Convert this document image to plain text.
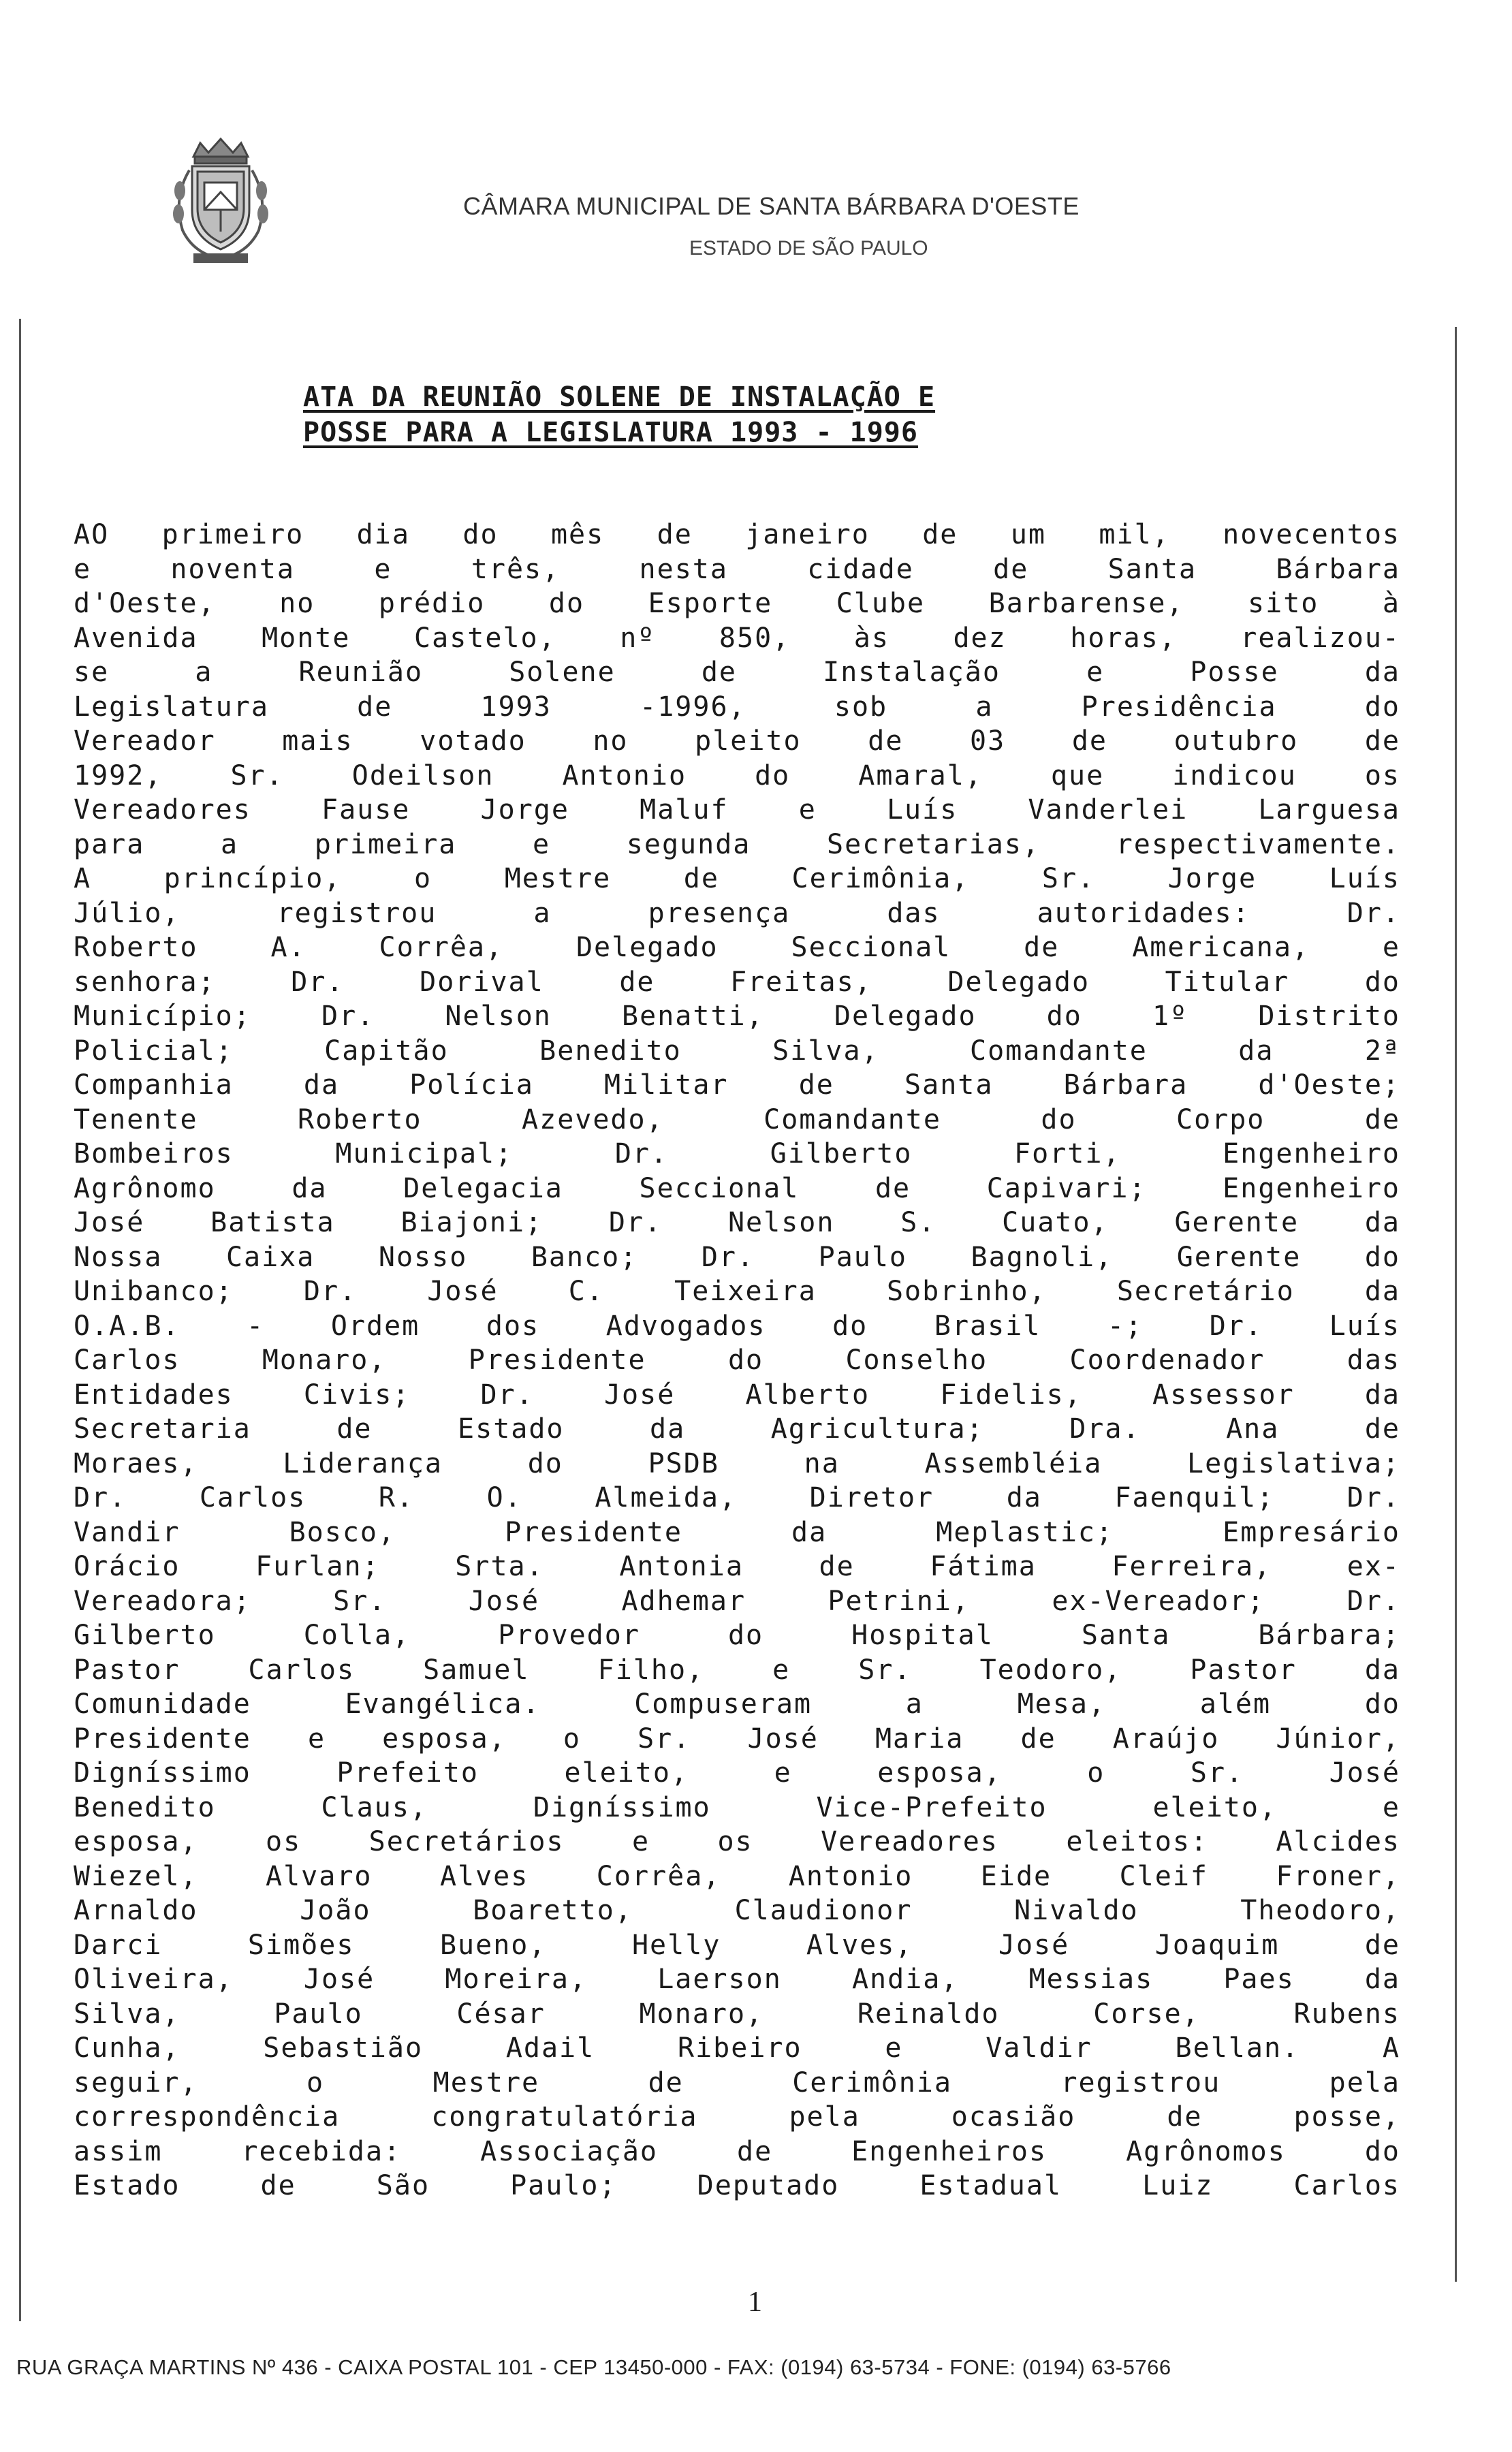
CÂMARA MUNICIPAL DE SANTA BÁRBARA D'OESTE
ESTADO DE SÃO PAULO
ATA DA REUNIÃO SOLENE DE INSTALAÇÃO E
POSSE PARA A LEGISLATURA 1993 - 1996
AO primeiro dia do mês de janeiro de um mil, novecentos
e noventa e três, nesta cidade de Santa Bárbara
d'Oeste, no prédio do Esporte Clube Barbarense, sito à
Avenida Monte Castelo, nº 850, às dez horas, realizou-
se a Reunião Solene de Instalação e Posse da
Legislatura de 1993 -1996, sob a Presidência do
Vereador mais votado no pleito de 03 de outubro de
1992, Sr. Odeilson Antonio do Amaral, que indicou os
Vereadores Fause Jorge Maluf e Luís Vanderlei Larguesa
para a primeira e segunda Secretarias, respectivamente.
A princípio, o Mestre de Cerimônia, Sr. Jorge Luís
Júlio, registrou a presença das autoridades: Dr.
Roberto A. Corrêa, Delegado Seccional de Americana, e
senhora; Dr. Dorival de Freitas, Delegado Titular do
Município; Dr. Nelson Benatti, Delegado do 1º Distrito
Policial; Capitão Benedito Silva, Comandante da 2ª
Companhia da Polícia Militar de Santa Bárbara d'Oeste;
Tenente Roberto Azevedo, Comandante do Corpo de
Bombeiros Municipal; Dr. Gilberto Forti, Engenheiro
Agrônomo da Delegacia Seccional de Capivari; Engenheiro
José Batista Biajoni; Dr. Nelson S. Cuato, Gerente da
Nossa Caixa Nosso Banco; Dr. Paulo Bagnoli, Gerente do
Unibanco; Dr. José C. Teixeira Sobrinho, Secretário da
O.A.B. - Ordem dos Advogados do Brasil -; Dr. Luís
Carlos Monaro, Presidente do Conselho Coordenador das
Entidades Civis; Dr. José Alberto Fidelis, Assessor da
Secretaria de Estado da Agricultura; Dra. Ana de
Moraes, Liderança do PSDB na Assembléia Legislativa;
Dr. Carlos R. O. Almeida, Diretor da Faenquil; Dr.
Vandir Bosco, Presidente da Meplastic; Empresário
Orácio Furlan; Srta. Antonia de Fátima Ferreira, ex-
Vereadora; Sr. José Adhemar Petrini, ex-Vereador; Dr.
Gilberto Colla, Provedor do Hospital Santa Bárbara;
Pastor Carlos Samuel Filho, e Sr. Teodoro, Pastor da
Comunidade Evangélica. Compuseram a Mesa, além do
Presidente e esposa, o Sr. José Maria de Araújo Júnior,
Digníssimo Prefeito eleito, e esposa, o Sr. José
Benedito Claus, Digníssimo Vice-Prefeito eleito, e
esposa, os Secretários e os Vereadores eleitos: Alcides
Wiezel, Alvaro Alves Corrêa, Antonio Eide Cleif Froner,
Arnaldo João Boaretto, Claudionor Nivaldo Theodoro,
Darci Simões Bueno, Helly Alves, José Joaquim de
Oliveira, José Moreira, Laerson Andia, Messias Paes da
Silva, Paulo César Monaro, Reinaldo Corse, Rubens
Cunha, Sebastião Adail Ribeiro e Valdir Bellan. A
seguir, o Mestre de Cerimônia registrou pela
correspondência congratulatória pela ocasião de posse,
assim recebida: Associação de Engenheiros Agrônomos do
Estado de São Paulo; Deputado Estadual Luiz Carlos
1
RUA GRAÇA MARTINS Nº 436 - CAIXA POSTAL 101 - CEP 13450-000 - FAX: (0194) 63-5734 - FONE: (0194) 63-5766
